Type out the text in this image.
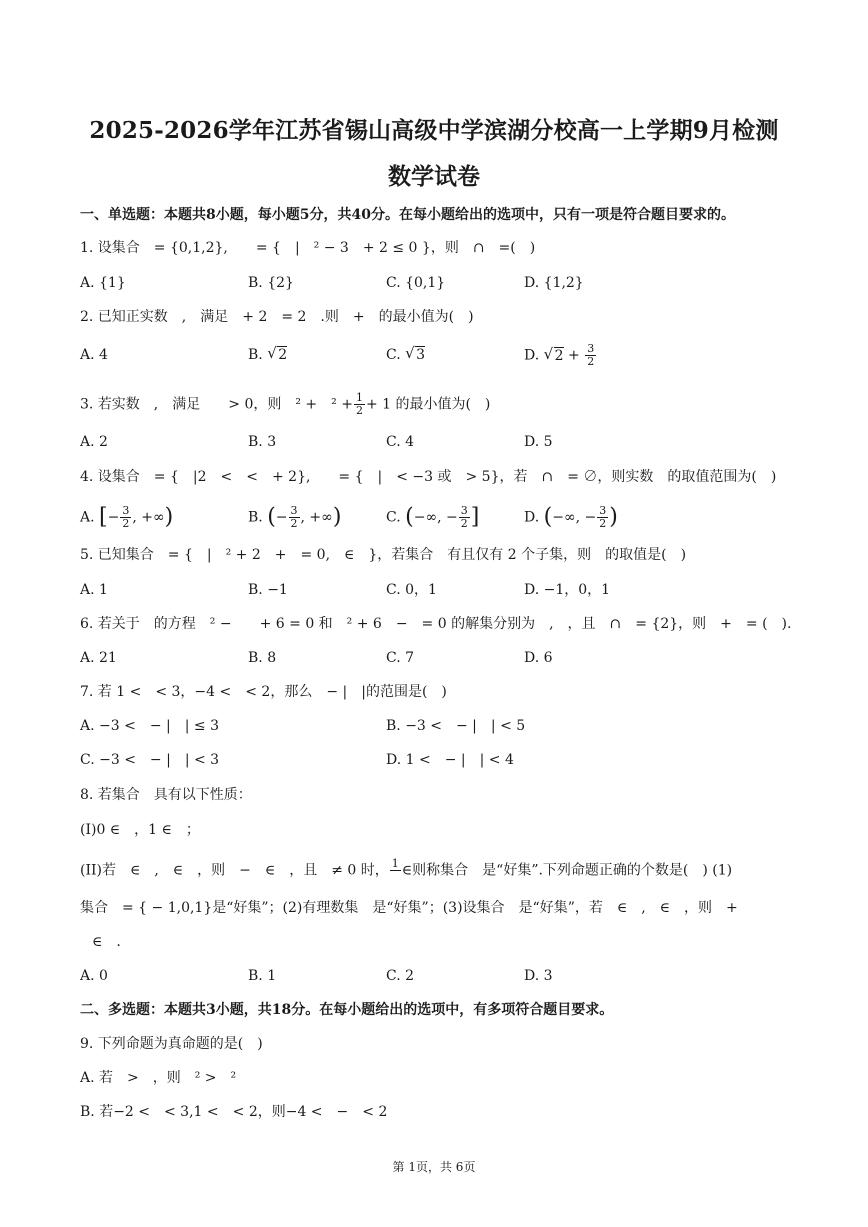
2025-2026学年江苏省锡山高级中学滨湖分校高一上学期9月检测
数学试卷
一、单选题：本题共8小题，每小题5分，共40分。在每小题给出的选项中，只有一项是符合题目要求的。
1. 设集合　= {0,1,2},　　= {　|　² − 3　+ 2 ≤ 0 }，则　∩　=(　)
A. {1}	B. {2}	C. {0,1}	D. {1,2}
2. 已知正实数　,　满足　+ 2　= 2　.则　+　的最小值为(　)
A. 4	B. √ 2	C. √ 3	D. √ $2 + \frac{3}{2}$
3. 若实数　,　满足　　> 0，则　² +　$^2 + \frac{1}{2} + 1$ 的最小值为(　)
A. 2	B. 3	C. 4	D. 5
4. 设集合　= {　|2　<　<　+ 2},　　= {　|　< −3 或　> 5}，若　∩　= ∅，则实数　的取值范围为(　)
A. [− $\frac{3}{2}$ , +∞)	B. (− $\frac{3}{2}$ , +∞)	C. (−∞, − $\frac{3}{2}$ ]	D. (−∞, − $\frac{3}{2}$ )
5. 已知集合　= {　|　² + 2　+　= 0,　∈　}，若集合　有且仅有 2 个子集，则　的取值是(　)
A. 1	B. −1	C. 0，1	D. −1，0，1
6. 若关于　的方程　² −　　+ 6 = 0 和　² + 6　−　= 0 的解集分别为　,　，且　∩　= {2}，则　+　= (　).
A. 21	B. 8	C. 7	D. 6
7. 若 1 <　< 3，−4 <　< 2，那么　− |　|的范围是(　)
A. −3 <　− |　| ≤ 3	B. −3 <　− |　| < 5
C. −3 <　− |　| < 3	D. 1 <　− |　| < 4
8. 若集合　具有以下性质：
(I)0 ∈　，1 ∈　；
(II)若　∈　,　∈　，则　−　∈　，且　≠ 0 时， 1 ∈则称集合　是“好集”.下列命题正确的个数是(　) (1)
集合　= { − 1,0,1}是“好集”；(2)有理数集　是“好集”；(3)设集合　是“好集”，若　∈　,　∈　，则　+
∈　.
A. 0	B. 1	C. 2	D. 3
二、多选题：本题共3小题，共18分。在每小题给出的选项中，有多项符合题目要求。
9. 下列命题为真命题的是(　)
A. 若　>　，则　² >　²
B. 若−2 <　< 3,1 <　< 2，则−4 <　−　< 2
第 1页，共 6页
